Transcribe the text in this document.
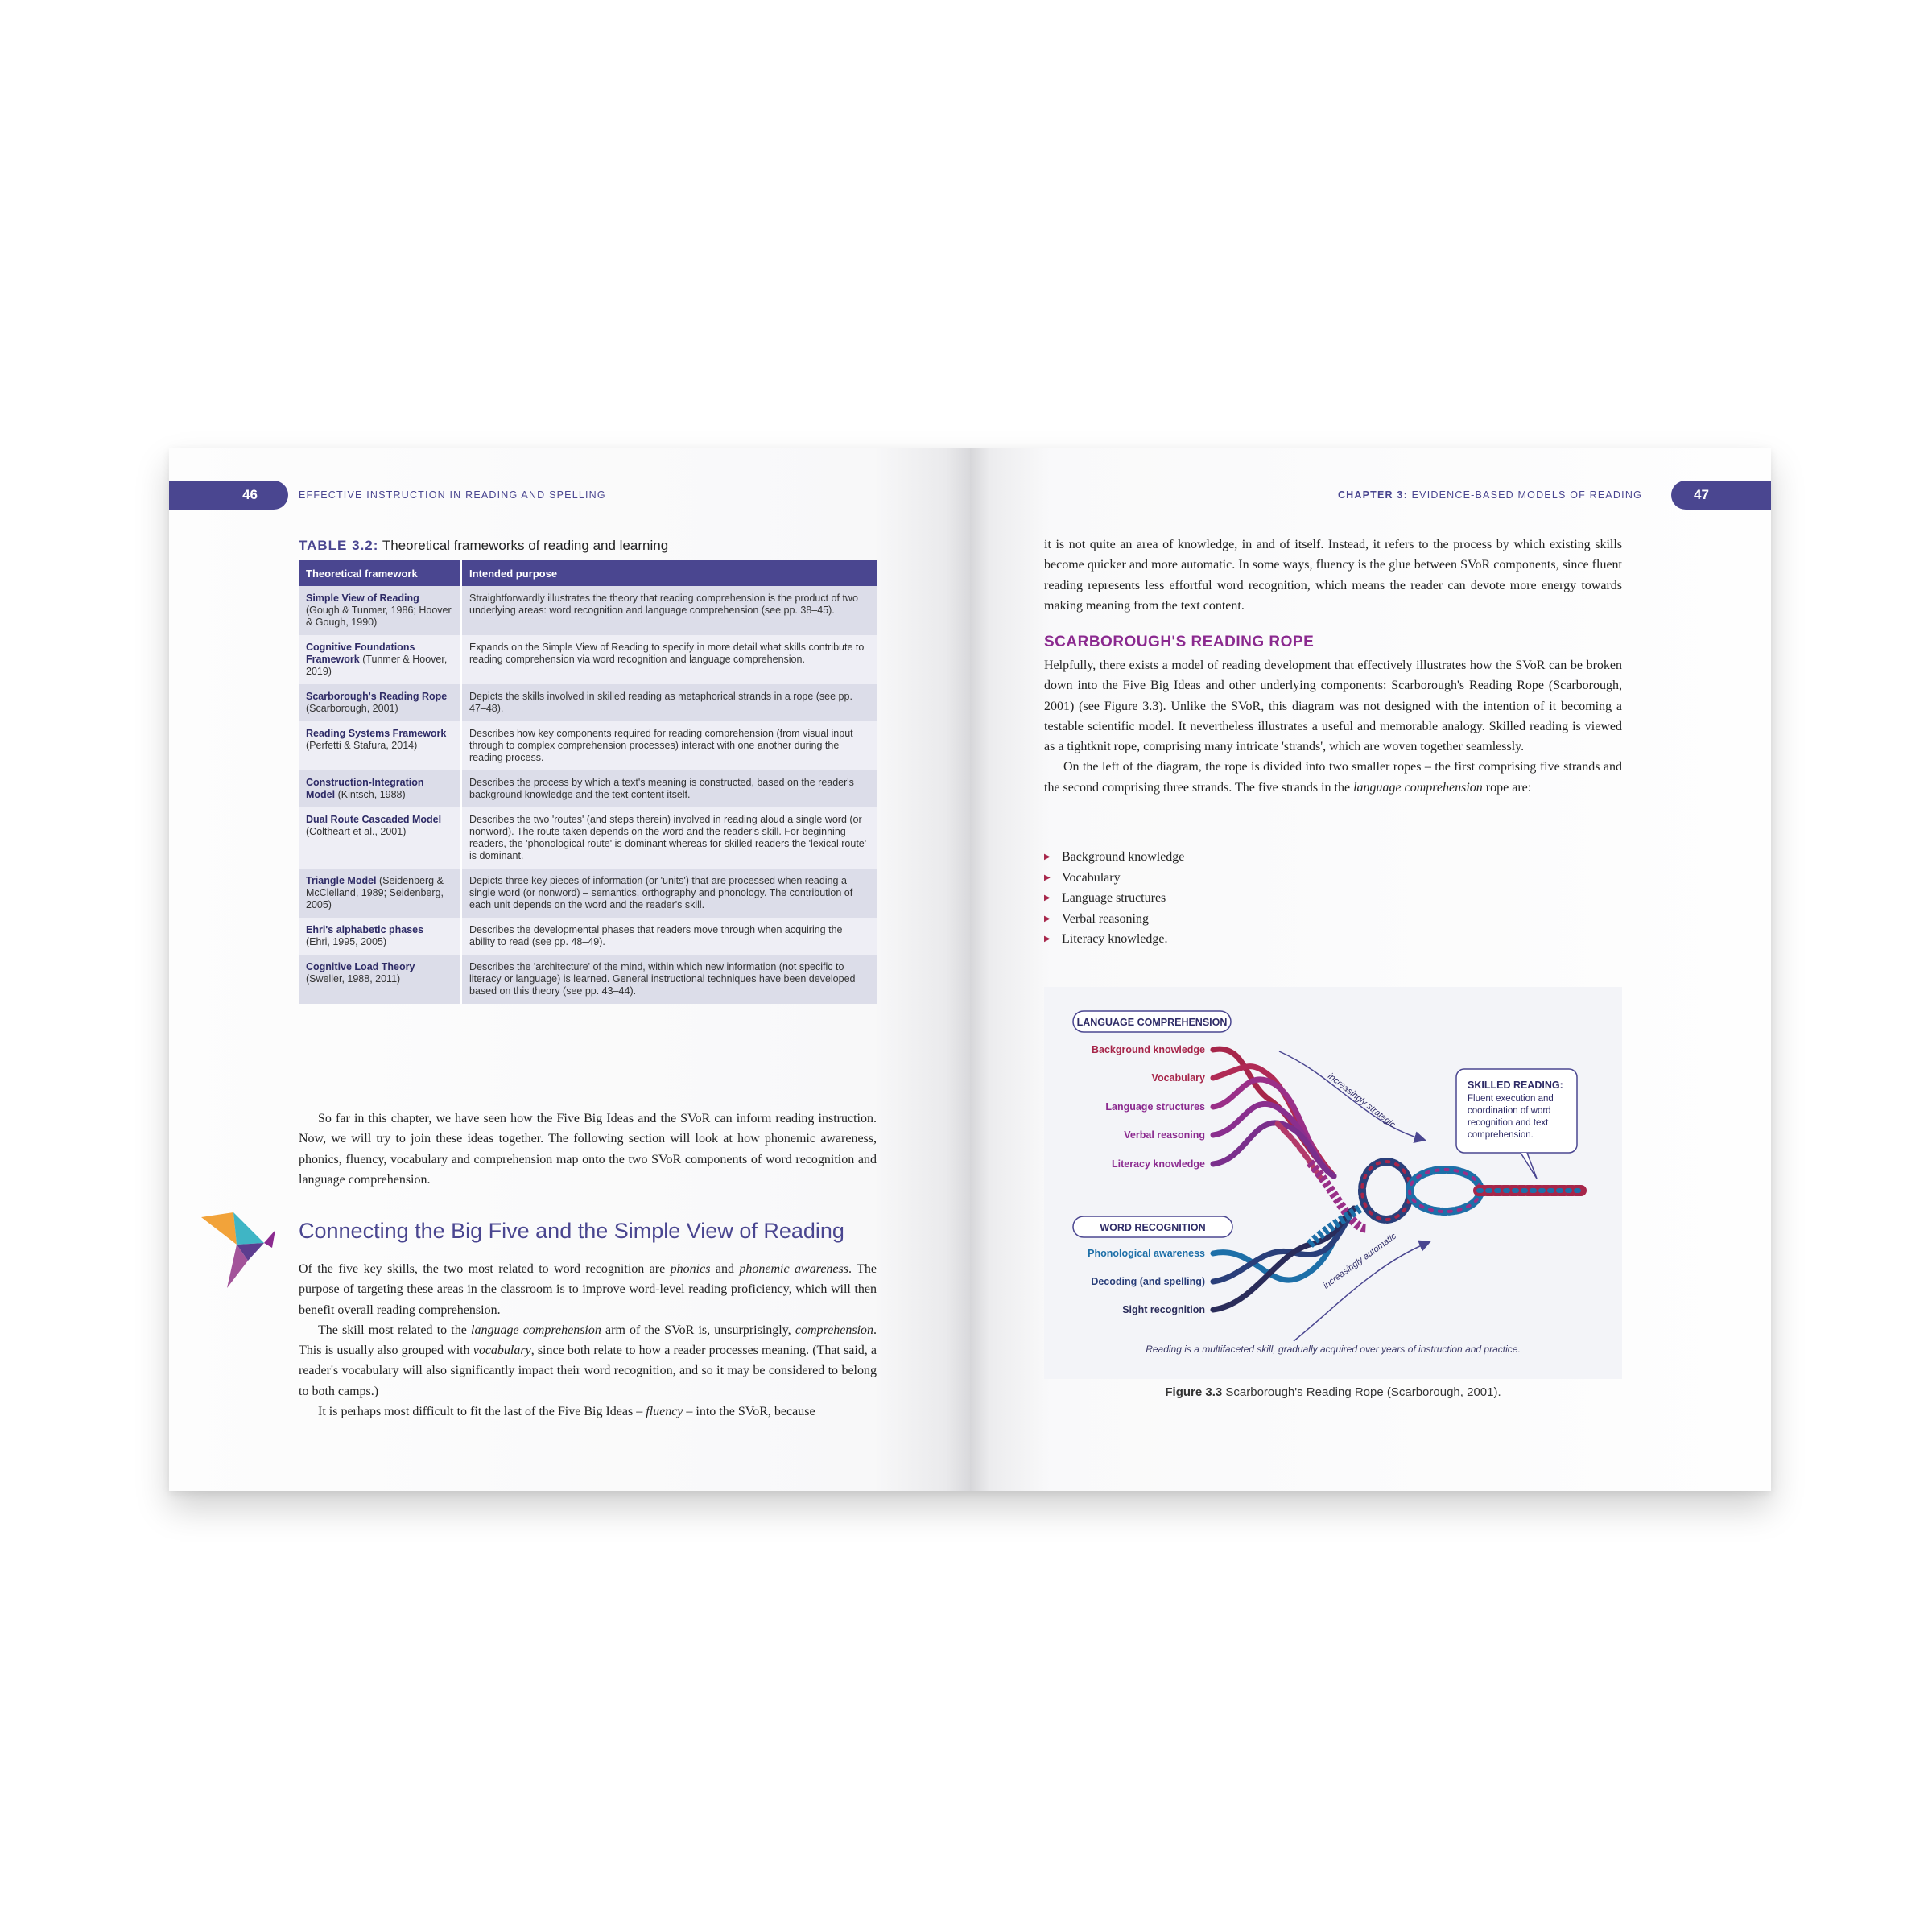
46	EFFECTIVE INSTRUCTION IN READING AND SPELLING
TABLE 3.2: Theoretical frameworks of reading and learning
Theoretical framework	Intended purpose
Simple View of Reading
(Gough & Tunmer, 1986; Hoover & Gough, 1990)	Straightforwardly illustrates the theory that reading comprehension is the product of two underlying areas: word recognition and language comprehension (see pp. 38–45).
Cognitive Foundations Framework (Tunmer & Hoover, 2019)	Expands on the Simple View of Reading to specify in more detail what skills contribute to reading comprehension via word recognition and language comprehension.
Scarborough's Reading Rope
(Scarborough, 2001)	Depicts the skills involved in skilled reading as metaphorical strands in a rope (see pp. 47–48).
Reading Systems Framework
(Perfetti & Stafura, 2014)	Describes how key components required for reading comprehension (from visual input through to complex comprehension processes) interact with one another during the reading process.
Construction-Integration Model (Kintsch, 1988)	Describes the process by which a text's meaning is constructed, based on the reader's background knowledge and the text content itself.
Dual Route Cascaded Model
(Coltheart et al., 2001)	Describes the two 'routes' (and steps therein) involved in reading aloud a single word (or nonword). The route taken depends on the word and the reader's skill. For beginning readers, the 'phonological route' is dominant whereas for skilled readers the 'lexical route' is dominant.
Triangle Model (Seidenberg & McClelland, 1989; Seidenberg, 2005)	Depicts three key pieces of information (or 'units') that are processed when reading a single word (or nonword) – semantics, orthography and phonology. The contribution of each unit depends on the word and the reader's skill.
Ehri's alphabetic phases
(Ehri, 1995, 2005)	Describes the developmental phases that readers move through when acquiring the ability to read (see pp. 48–49).
Cognitive Load Theory
(Sweller, 1988, 2011)	Describes the 'architecture' of the mind, within which new information (not specific to literacy or language) is learned. General instructional techniques have been developed based on this theory (see pp. 43–44).

So far in this chapter, we have seen how the Five Big Ideas and the SVoR can inform reading instruction. Now, we will try to join these ideas together. The following section will look at how phonemic awareness, phonics, fluency, vocabulary and comprehension map onto the two SVoR components of word recognition and language comprehension.

Connecting the Big Five and the Simple View of Reading

Of the five key skills, the two most related to word recognition are phonics and phonemic awareness. The purpose of targeting these areas in the classroom is to improve word-level reading proficiency, which will then benefit overall reading comprehension.

The skill most related to the language comprehension arm of the SVoR is, unsurprisingly, comprehension. This is usually also grouped with vocabulary, since both relate to how a reader processes meaning. (That said, a reader's vocabulary will also significantly impact their word recognition, and so it may be considered to belong to both camps.)

It is perhaps most difficult to fit the last of the Five Big Ideas – fluency – into the SVoR, because

CHAPTER 3: EVIDENCE-BASED MODELS OF READING	47

it is not quite an area of knowledge, in and of itself. Instead, it refers to the process by which existing skills become quicker and more automatic. In some ways, fluency is the glue between SVoR components, since fluent reading represents less effortful word recognition, which means the reader can devote more energy towards making meaning from the text content.

SCARBOROUGH'S READING ROPE

Helpfully, there exists a model of reading development that effectively illustrates how the SVoR can be broken down into the Five Big Ideas and other underlying components: Scarborough's Reading Rope (Scarborough, 2001) (see Figure 3.3). Unlike the SVoR, this diagram was not designed with the intention of it becoming a testable scientific model. It nevertheless illustrates a useful and memorable analogy. Skilled reading is viewed as a tightknit rope, comprising many intricate 'strands', which are woven together seamlessly.

On the left of the diagram, the rope is divided into two smaller ropes – the first comprising five strands and the second comprising three strands. The five strands in the language comprehension rope are:

▶ Background knowledge
▶ Vocabulary
▶ Language structures
▶ Verbal reasoning
▶ Literacy knowledge.
LANGUAGE COMPREHENSION
Background knowledge
Vocabulary
Language structures
Verbal reasoning
Literacy knowledge
WORD RECOGNITION
Phonological awareness
Decoding (and spelling)
Sight recognition
increasingly strategic
increasingly automatic
SKILLED READING:
Fluent execution and
coordination of word
recognition and text
comprehension.
Reading is a multifaceted skill, gradually acquired over years of instruction and practice.
Figure 3.3 Scarborough's Reading Rope (Scarborough, 2001).
